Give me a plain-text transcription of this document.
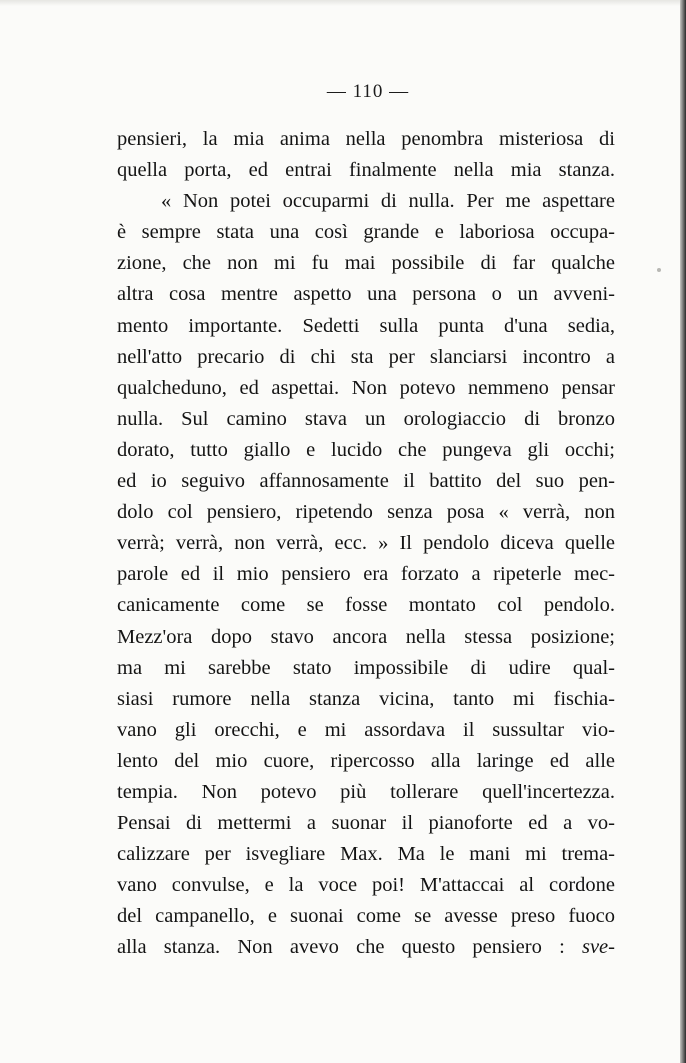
— 110 —
pensieri, la mia anima nella penombra misteriosa di
quella porta, ed entrai finalmente nella mia stanza.
« Non potei occuparmi di nulla. Per me aspettare
è sempre stata una così grande e laboriosa occupa-
zione, che non mi fu mai possibile di far qualche
altra cosa mentre aspetto una persona o un avveni-
mento importante. Sedetti sulla punta d'una sedia,
nell'atto precario di chi sta per slanciarsi incontro a
qualcheduno, ed aspettai. Non potevo nemmeno pensar
nulla. Sul camino stava un orologiaccio di bronzo
dorato, tutto giallo e lucido che pungeva gli occhi;
ed io seguivo affannosamente il battito del suo pen-
dolo col pensiero, ripetendo senza posa « verrà, non
verrà; verrà, non verrà, ecc. » Il pendolo diceva quelle
parole ed il mio pensiero era forzato a ripeterle mec-
canicamente come se fosse montato col pendolo.
Mezz'ora dopo stavo ancora nella stessa posizione;
ma mi sarebbe stato impossibile di udire qual-
siasi rumore nella stanza vicina, tanto mi fischia-
vano gli orecchi, e mi assordava il sussultar vio-
lento del mio cuore, ripercosso alla laringe ed alle
tempia. Non potevo più tollerare quell'incertezza.
Pensai di mettermi a suonar il pianoforte ed a vo-
calizzare per isvegliare Max. Ma le mani mi trema-
vano convulse, e la voce poi! M'attaccai al cordone
del campanello, e suonai come se avesse preso fuoco
alla stanza. Non avevo che questo pensiero : sve-
